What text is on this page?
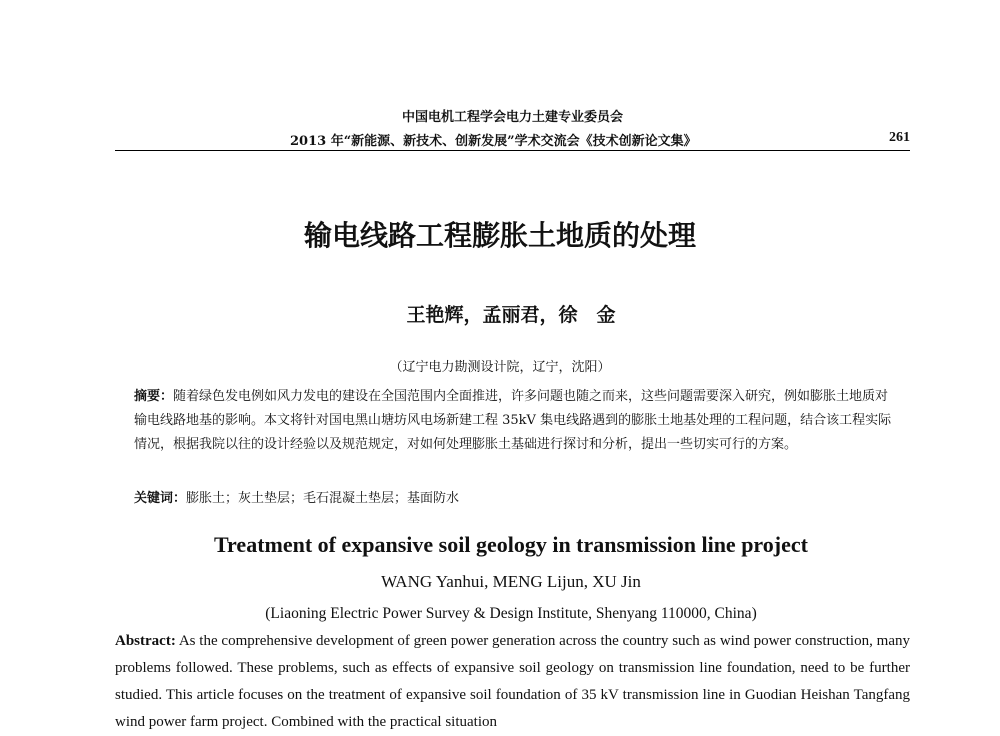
中国电机工程学会电力土建专业委员会
2013 年“新能源、新技术、创新发展”学术交流会《技术创新论文集》	261
输电线路工程膨胀土地质的处理
王艳辉，孟丽君，徐　金
（辽宁电力勘测设计院，辽宁，沈阳）
摘要：随着绿色发电例如风力发电的建设在全国范围内全面推进，许多问题也随之而来，这些问题需要深入研究，例如膨胀土地质对输电线路地基的影响。本文将针对国电黑山塘坊风电场新建工程 35kV 集电线路遇到的膨胀土地基处理的工程问题，结合该工程实际情况，根据我院以往的设计经验以及规范规定，对如何处理膨胀土基础进行探讨和分析，提出一些切实可行的方案。
关键词：膨胀土；灰土垫层；毛石混凝土垫层；基面防水
Treatment of expansive soil geology in transmission line project
WANG Yanhui, MENG Lijun, XU Jin
(Liaoning Electric Power Survey & Design Institute, Shenyang 110000, China)
Abstract: As the comprehensive development of green power generation across the country such as wind power construction, many problems followed. These problems, such as effects of expansive soil geology on transmission line foundation, need to be further studied. This article focuses on the treatment of expansive soil foundation of 35 kV transmission line in Guodian Heishan Tangfang wind power farm project. Combined with the practical situation
